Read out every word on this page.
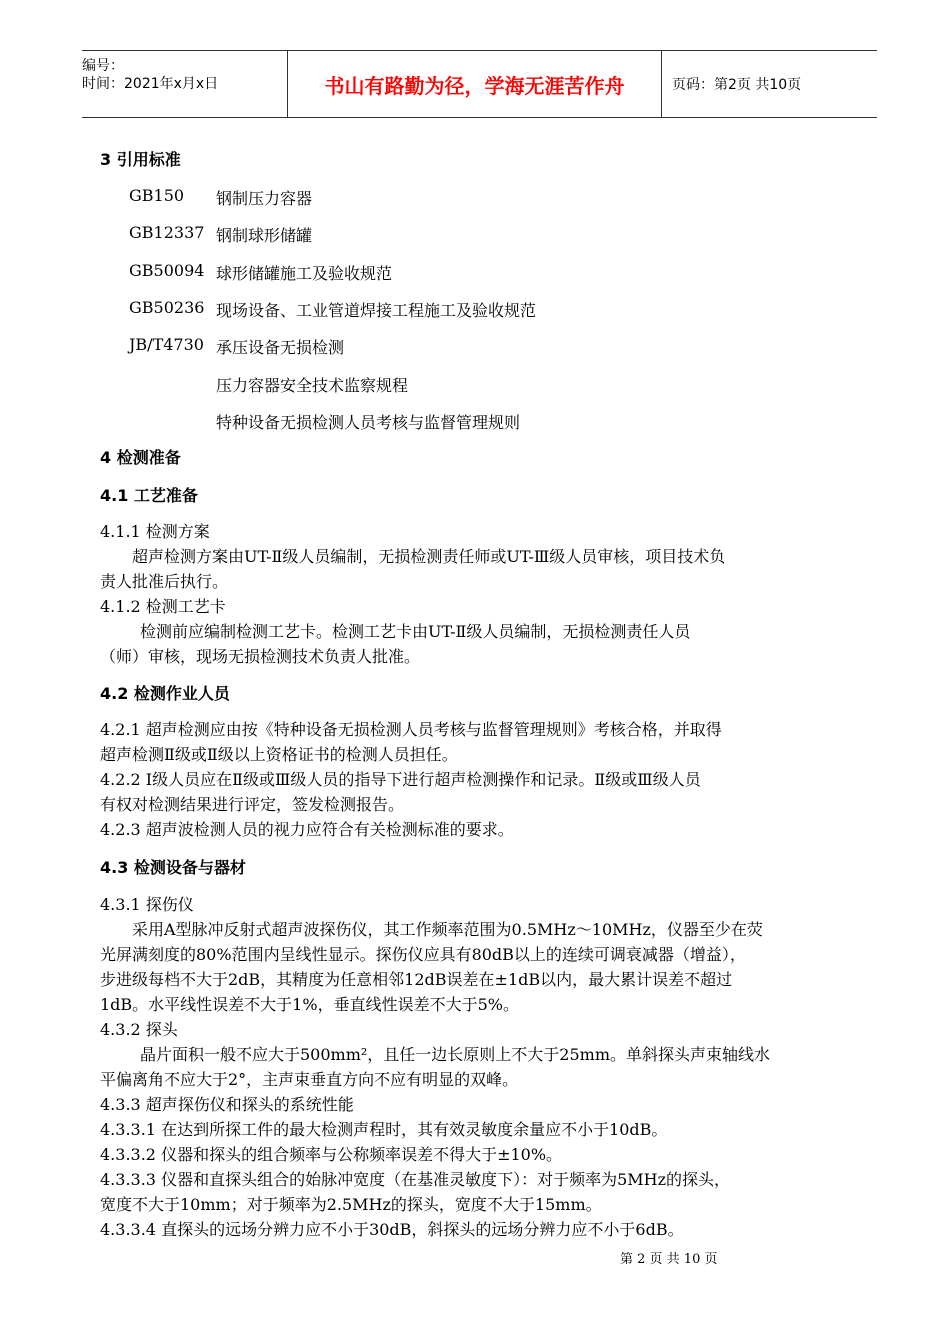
编号：
时间：2021年x月x日	书山有路勤为径，学海无涯苦作舟	页码：第2页 共10页
3 引用标准
GB150 钢制压力容器
GB12337 钢制球形储罐
GB50094 球形储罐施工及验收规范
GB50236 现场设备、工业管道焊接工程施工及验收规范
JB/T4730 承压设备无损检测
压力容器安全技术监察规程
特种设备无损检测人员考核与监督管理规则
4 检测准备
4.1 工艺准备
4.1.1 检测方案
超声检测方案由UT-Ⅱ级人员编制，无损检测责任师或UT-Ⅲ级人员审核，项目技术负
责人批准后执行。
4.1.2 检测工艺卡
检测前应编制检测工艺卡。检测工艺卡由UT-Ⅱ级人员编制，无损检测责任人员
（师）审核，现场无损检测技术负责人批准。
4.2 检测作业人员
4.2.1 超声检测应由按《特种设备无损检测人员考核与监督管理规则》考核合格，并取得
超声检测Ⅱ级或Ⅱ级以上资格证书的检测人员担任。
4.2.2 Ⅰ级人员应在Ⅱ级或Ⅲ级人员的指导下进行超声检测操作和记录。Ⅱ级或Ⅲ级人员
有权对检测结果进行评定，签发检测报告。
4.2.3 超声波检测人员的视力应符合有关检测标准的要求。
4.3 检测设备与器材
4.3.1 探伤仪
采用A型脉冲反射式超声波探伤仪，其工作频率范围为0.5MHz～10MHz，仪器至少在荧
光屏满刻度的80%范围内呈线性显示。探伤仪应具有80dB以上的连续可调衰减器（增益），
步进级每档不大于2dB，其精度为任意相邻12dB误差在±1dB以内，最大累计误差不超过
1dB。水平线性误差不大于1%，垂直线性误差不大于5%。
4.3.2 探头
晶片面积一般不应大于500mm²，且任一边长原则上不大于25mm。单斜探头声束轴线水
平偏离角不应大于2°，主声束垂直方向不应有明显的双峰。
4.3.3 超声探伤仪和探头的系统性能
4.3.3.1 在达到所探工件的最大检测声程时，其有效灵敏度余量应不小于10dB。
4.3.3.2 仪器和探头的组合频率与公称频率误差不得大于±10%。
4.3.3.3 仪器和直探头组合的始脉冲宽度（在基准灵敏度下）：对于频率为5MHz的探头，
宽度不大于10mm；对于频率为2.5MHz的探头，宽度不大于15mm。
4.3.3.4 直探头的远场分辨力应不小于30dB，斜探头的远场分辨力应不小于6dB。
第 2 页 共 10 页
